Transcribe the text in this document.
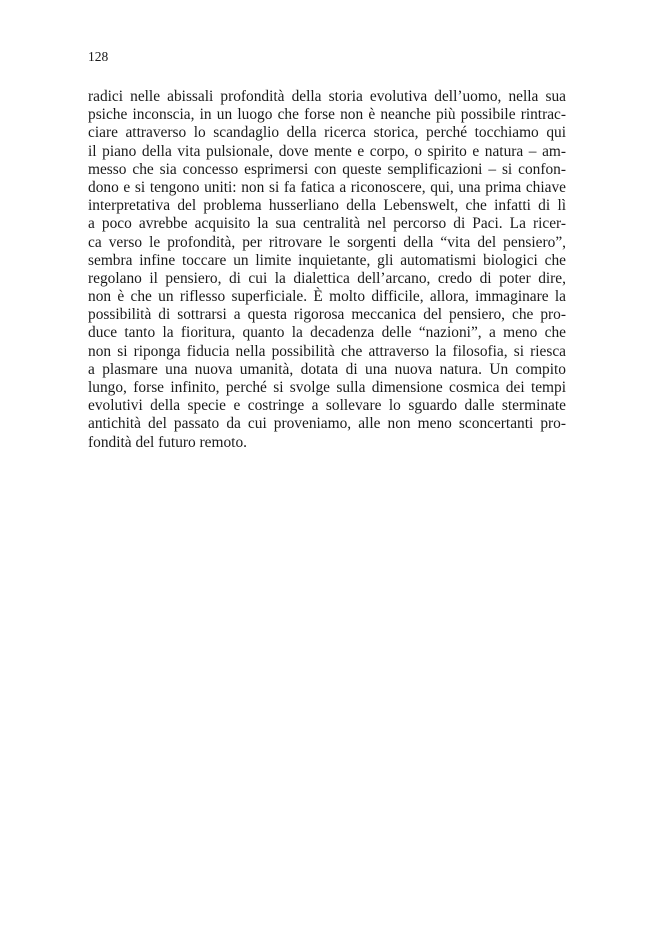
128
radici nelle abissali profondità della storia evolutiva dell’uomo, nella sua
psiche inconscia, in un luogo che forse non è neanche più possibile rintrac-
ciare attraverso lo scandaglio della ricerca storica, perché tocchiamo qui
il piano della vita pulsionale, dove mente e corpo, o spirito e natura – am-
messo che sia concesso esprimersi con queste semplificazioni – si confon-
dono e si tengono uniti: non si fa fatica a riconoscere, qui, una prima chiave
interpretativa del problema husserliano della Lebenswelt, che infatti di lì
a poco avrebbe acquisito la sua centralità nel percorso di Paci. La ricer-
ca verso le profondità, per ritrovare le sorgenti della “vita del pensiero”,
sembra infine toccare un limite inquietante, gli automatismi biologici che
regolano il pensiero, di cui la dialettica dell’arcano, credo di poter dire,
non è che un riflesso superficiale. È molto difficile, allora, immaginare la
possibilità di sottrarsi a questa rigorosa meccanica del pensiero, che pro-
duce tanto la fioritura, quanto la decadenza delle “nazioni”, a meno che
non si riponga fiducia nella possibilità che attraverso la filosofia, si riesca
a plasmare una nuova umanità, dotata di una nuova natura. Un compito
lungo, forse infinito, perché si svolge sulla dimensione cosmica dei tempi
evolutivi della specie e costringe a sollevare lo sguardo dalle sterminate
antichità del passato da cui proveniamo, alle non meno sconcertanti pro-
fondità del futuro remoto.
